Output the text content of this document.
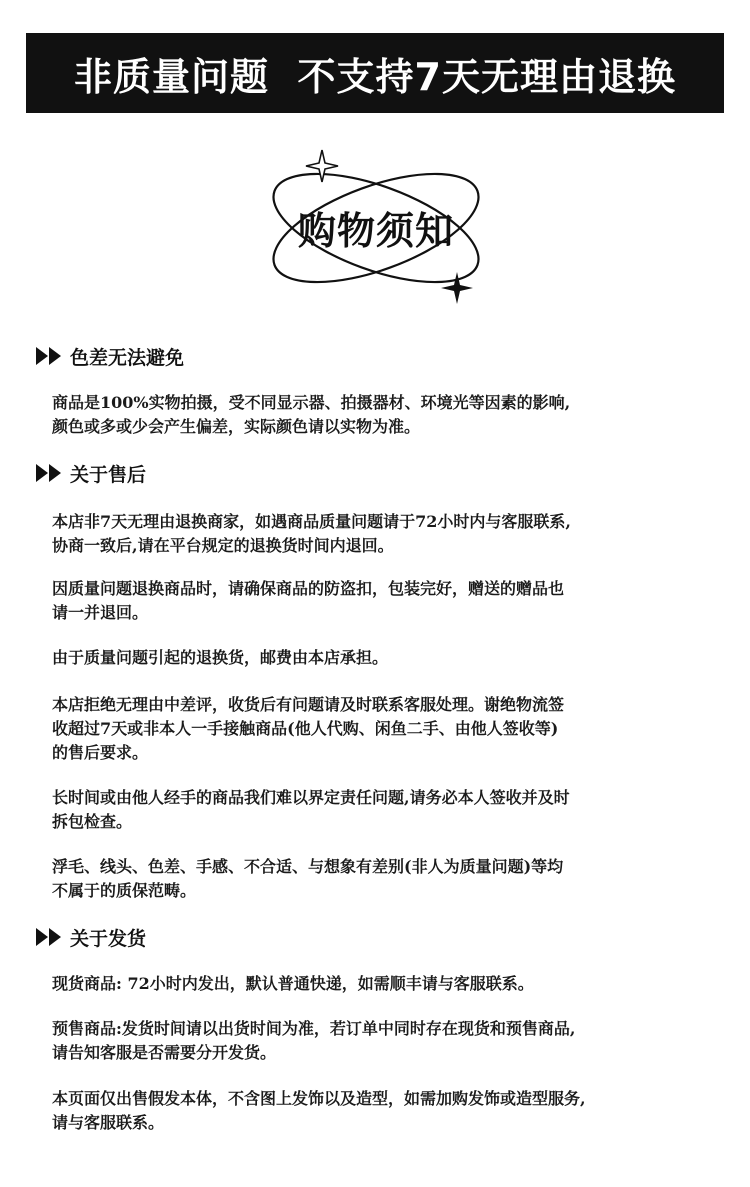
非质量问题  不支持7天无理由退换
购物须知
色差无法避免
商品是100%实物拍摄，受不同显示器、拍摄器材、环境光等因素的影响,
颜色或多或少会产生偏差，实际颜色请以实物为准。
关于售后
本店非7天无理由退换商家，如遇商品质量问题请于72小时内与客服联系,
协商一致后,请在平台规定的退换货时间内退回。
因质量问题退换商品时，请确保商品的防盗扣，包装完好，赠送的赠品也
请一并退回。
由于质量问题引起的退换货，邮费由本店承担。
本店拒绝无理由中差评，收货后有问题请及时联系客服处理。谢绝物流签
收超过7天或非本人一手接触商品(他人代购、闲鱼二手、由他人签收等)
的售后要求。
长时间或由他人经手的商品我们难以界定责任问题,请务必本人签收并及时
拆包检查。
浮毛、线头、色差、手感、不合适、与想象有差别(非人为质量问题)等均
不属于的质保范畴。
关于发货
现货商品: 72小时内发出，默认普通快递，如需顺丰请与客服联系。
预售商品:发货时间请以出货时间为准，若订单中同时存在现货和预售商品,
请告知客服是否需要分开发货。
本页面仅出售假发本体，不含图上发饰以及造型，如需加购发饰或造型服务,
请与客服联系。
